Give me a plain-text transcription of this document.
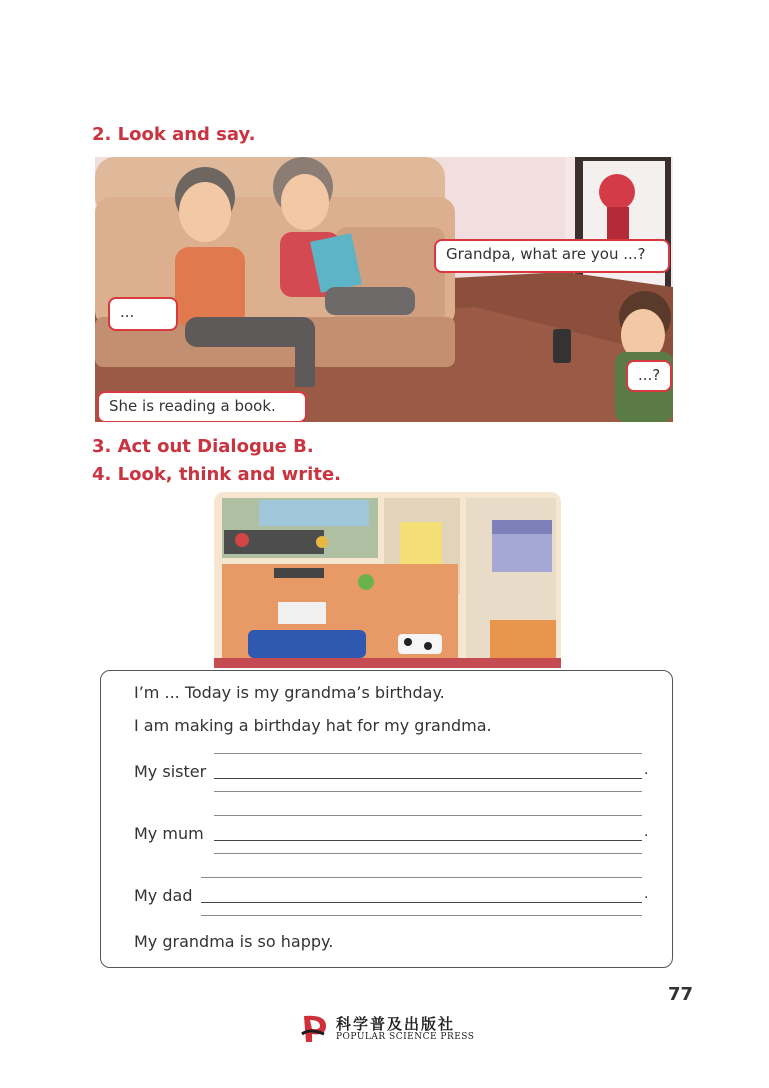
2. Look and say.
...
She is reading a book.
Grandpa, what are you ...?
...?
3. Act out Dialogue B.
4. Look, think and write.
I’m ... Today is my grandma’s birthday.
I am making a birthday hat for my grandma.
My sister	.
My mum	.
My dad	.
My grandma is so happy.
77
科学普及出版社
POPULAR SCIENCE PRESS
